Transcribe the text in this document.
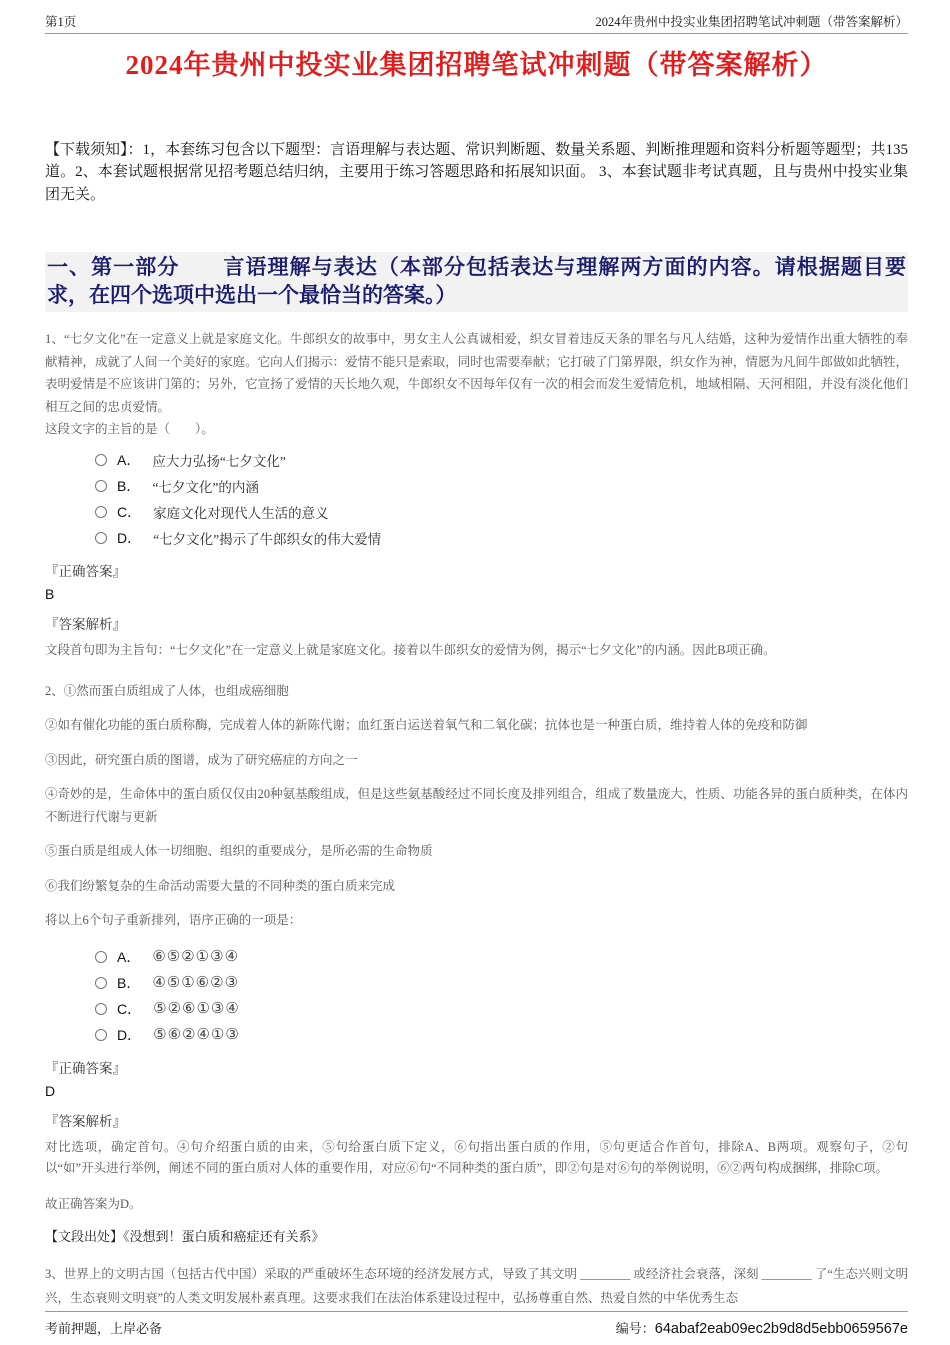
第1页	2024年贵州中投实业集团招聘笔试冲刺题（带答案解析）
2024年贵州中投实业集团招聘笔试冲刺题（带答案解析）
【下载须知】：1，本套练习包含以下题型：言语理解与表达题、常识判断题、数量关系题、判断推理题和资料分析题等题型；共135道。2、本套试题根据常见招考题总结归纳，主要用于练习答题思路和拓展知识面。 3、本套试题非考试真题，且与贵州中投实业集团无关。
一、第一部分　　言语理解与表达（本部分包括表达与理解两方面的内容。请根据题目要求，在四个选项中选出一个最恰当的答案。）
1、“七夕文化”在一定意义上就是家庭文化。牛郎织女的故事中，男女主人公真诚相爱，织女冒着违反天条的罪名与凡人结婚，这种为爱情作出重大牺牲的奉献精神，成就了人间一个美好的家庭。它向人们揭示：爱情不能只是索取，同时也需要奉献；它打破了门第界限，织女作为神，情愿为凡间牛郎做如此牺牲，表明爱情是不应该讲门第的；另外，它宣扬了爱情的天长地久观，牛郎织女不因每年仅有一次的相会而发生爱情危机，地域相隔、天河相阻，并没有淡化他们相互之间的忠贞爱情。
这段文字的主旨的是（　　）。
A． 应大力弘扬“七夕文化”
B． “七夕文化”的内涵
C． 家庭文化对现代人生活的意义
D． “七夕文化”揭示了牛郎织女的伟大爱情
『正确答案』
B
『答案解析』
文段首句即为主旨句：“七夕文化”在一定意义上就是家庭文化。接着以牛郎织女的爱情为例，揭示“七夕文化”的内涵。因此B项正确。

2、①然而蛋白质组成了人体，也组成癌细胞

②如有催化功能的蛋白质称酶，完成着人体的新陈代谢；血红蛋白运送着氧气和二氧化碳；抗体也是一种蛋白质，维持着人体的免疫和防御

③因此，研究蛋白质的图谱，成为了研究癌症的方向之一

④奇妙的是，生命体中的蛋白质仅仅由20种氨基酸组成，但是这些氨基酸经过不同长度及排列组合，组成了数量庞大，性质、功能各异的蛋白质种类，在体内不断进行代谢与更新

⑤蛋白质是组成人体一切细胞、组织的重要成分，是所必需的生命物质

⑥我们纷繁复杂的生命活动需要大量的不同种类的蛋白质来完成

将以上6个句子重新排列，语序正确的一项是：

A． ⑥⑤②①③④
B． ④⑤①⑥②③
C． ⑤②⑥①③④
D． ⑤⑥②④①③
『正确答案』
D
『答案解析』
对比选项，确定首句。④句介绍蛋白质的由来，⑤句给蛋白质下定义，⑥句指出蛋白质的作用，⑤句更适合作首句，排除A、B两项。观察句子，②句以“如”开头进行举例，阐述不同的蛋白质对人体的重要作用，对应⑥句“不同种类的蛋白质”，即②句是对⑥句的举例说明，⑥②两句构成捆绑，排除C项。
故正确答案为D。
【文段出处】《没想到！蛋白质和癌症还有关系》
3、世界上的文明古国（包括古代中国）采取的严重破坏生态环境的经济发展方式，导致了其文明 ________ 或经济社会衰落，深刻 ________ 了“生态兴则文明兴，生态衰则文明衰”的人类文明发展朴素真理。这要求我们在法治体系建设过程中，弘扬尊重自然、热爱自然的中华优秀生态
考前押题，上岸必备	编号：64abaf2eab09ec2b9d8d5ebb0659567e
